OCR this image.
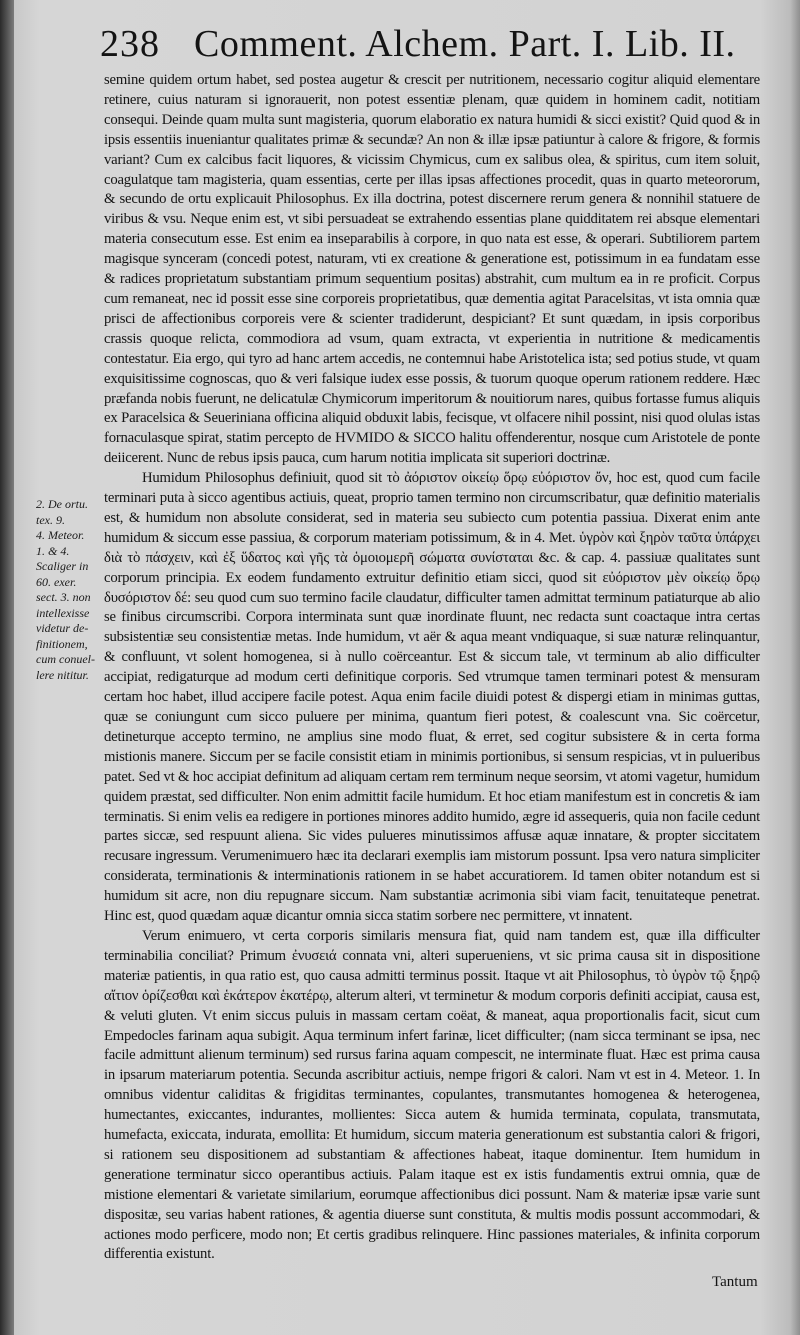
238 Comment. Alchem. Part. I. Lib. II.
2. De ortu.
tex. 9.
4. Meteor.
1. & 4.
Scaliger in
60. exer.
sect. 3. non
intellexisse
videtur de-
finitionem,
cum conuel-
lere nititur.

semine quidem ortum habet, sed postea augetur & crescit per nutritionem, necessario cogitur aliquid elementare retinere, cuius naturam si ignorauerit, non potest essentiæ plenam, quæ quidem in hominem cadit, notitiam consequi. Deinde quam multa sunt magisteria, quorum elaboratio ex natura humidi & sicci existit? Quid quod & in ipsis essentiis inueniantur qualitates primæ & secundæ? An non & illæ ipsæ patiuntur à calore & frigore, & formis variant? Cum ex calcibus facit liquores, & vicissim Chymicus, cum ex salibus olea, & spiritus, cum item soluit, coagulatque tam magisteria, quam essentias, certe per illas ipsas affectiones procedit, quas in quarto meteororum, & secundo de ortu explicauit Philosophus. Ex illa doctrina, potest discernere rerum genera & nonnihil statuere de viribus & vsu. Neque enim est, vt sibi persuadeat se extrahendo essentias plane quidditatem rei absque elementari materia consecutum esse. Est enim ea inseparabilis à corpore, in quo nata est esse, & operari. Subtiliorem partem magisque synceram (concedi potest, naturam, vti ex creatione & generatione est, potissimum in ea fundatam esse & radices proprietatum substantiam primum sequentium positas) abstrahit, cum multum ea in re proficit. Corpus cum remaneat, nec id possit esse sine corporeis proprietatibus, quæ dementia agitat Paracelsitas, vt ista omnia quæ prisci de affectionibus corporeis vere & scienter tradiderunt, despiciant? Et sunt quædam, in ipsis corporibus crassis quoque relicta, commodiora ad vsum, quam extracta, vt experientia in nutritione & medicamentis contestatur. Eia ergo, qui tyro ad hanc artem accedis, ne contemnui habe Aristotelica ista; sed potius stude, vt quam exquisitissime cognoscas, quo & veri falsique iudex esse possis, & tuorum quoque operum rationem reddere. Hæc præfanda nobis fuerunt, ne delicatulæ Chymicorum imperitorum & nouitiorum nares, quibus fortasse fumus aliquis ex Paracelsica & Seueriniana officina aliquid obduxit labis, fecisque, vt olfacere nihil possint, nisi quod olulas istas fornaculasque spirat, statim percepto de HVMIDO & SICCO halitu offenderentur, nosque cum Aristotele de ponte deiicerent. Nunc de rebus ipsis pauca, cum harum notitia implicata sit superiori doctrinæ.

Humidum Philosophus definiuit, quod sit τὸ ἀόριστον οἰκείῳ ὅρῳ εὐόριστον ὄν, hoc est, quod cum facile terminari puta à sicco agentibus actiuis, queat, proprio tamen termino non circumscribatur, quæ definitio materialis est, & humidum non absolute considerat, sed in materia seu subiecto cum potentia passiua. Dixerat enim ante humidum & siccum esse passiua, & corporum materiam potissimum, & in 4. Met. ὑγρὸν καὶ ξηρὸν ταῦτα ὑπάρχει διὰ τὸ πάσχειν, καὶ ἐξ ὕδατος καὶ γῆς τὰ ὁμοιομερῆ σώματα συνίσταται &c. & cap. 4. passiuæ qualitates sunt corporum principia. Ex eodem fundamento extruitur definitio etiam sicci, quod sit εὐόριστον μὲν οἰκείῳ ὅρῳ δυσόριστον δέ: seu quod cum suo termino facile claudatur, difficulter tamen admittat terminum patiaturque ab alio se finibus circumscribi. Corpora interminata sunt quæ inordinate fluunt, nec redacta sunt coactaque intra certas subsistentiæ seu consistentiæ metas. Inde humidum, vt aër & aqua meant vndiquaque, si suæ naturæ relinquantur, & confluunt, vt solent homogenea, si à nullo coërceantur. Est & siccum tale, vt terminum ab alio difficulter accipiat, redigaturque ad modum certi definitique corporis. Sed vtrumque tamen terminari potest & mensuram certam hoc habet, illud accipere facile potest. Aqua enim facile diuidi potest & dispergi etiam in minimas guttas, quæ se coniungunt cum sicco puluere per minima, quantum fieri potest, & coalescunt vna. Sic coërcetur, detineturque accepto termino, ne amplius sine modo fluat, & erret, sed cogitur subsistere & in certa forma mistionis manere. Siccum per se facile consistit etiam in minimis portionibus, si sensum respicias, vt in pulueribus patet. Sed vt & hoc accipiat definitum ad aliquam certam rem terminum neque seorsim, vt atomi vagetur, humidum quidem præstat, sed difficulter. Non enim admittit facile humidum. Et hoc etiam manifestum est in concretis & iam terminatis. Si enim velis ea redigere in portiones minores addito humido, ægre id assequeris, quia non facile cedunt partes siccæ, sed respuunt aliena. Sic vides pulueres minutissimos affusæ aquæ innatare, & propter siccitatem recusare ingressum. Verumenimuero hæc ita declarari exemplis iam mistorum possunt. Ipsa vero natura simpliciter considerata, terminationis & interminationis rationem in se habet accuratiorem. Id tamen obiter notandum est si humidum sit acre, non diu repugnare siccum. Nam substantiæ acrimonia sibi viam facit, tenuitateque penetrat. Hinc est, quod quædam aquæ dicantur omnia sicca statim sorbere nec permittere, vt innatent.

Verum enimuero, vt certa corporis similaris mensura fiat, quid nam tandem est, quæ illa difficulter terminabilia conciliat? Primum ἐνυσειά connata vni, alteri superueniens, vt sic prima causa sit in dispositione materiæ patientis, in qua ratio est, quo causa admitti terminus possit. Itaque vt ait Philosophus, τὸ ὑγρὸν τῷ ξηρῷ αἴτιον ὁρίζεσθαι καὶ ἑκάτερον ἑκατέρῳ, alterum alteri, vt terminetur & modum corporis definiti accipiat, causa est, & veluti gluten. Vt enim siccus puluis in massam certam coëat, & maneat, aqua proportionalis facit, sicut cum Empedocles farinam aqua subigit. Aqua terminum infert farinæ, licet difficulter; (nam sicca terminant se ipsa, nec facile admittunt alienum terminum) sed rursus farina aquam compescit, ne interminate fluat. Hæc est prima causa in ipsarum materiarum potentia. Secunda ascribitur actiuis, nempe frigori & calori. Nam vt est in 4. Meteor. 1. In omnibus videntur caliditas & frigiditas terminantes, copulantes, transmutantes homogenea & heterogenea, humectantes, exiccantes, indurantes, mollientes: Sicca autem & humida terminata, copulata, transmutata, humefacta, exiccata, indurata, emollita: Et humidum, siccum materia generationum est substantia calori & frigori, si rationem seu dispositionem ad substantiam & affectiones habeat, itaque dominentur. Item humidum in generatione terminatur sicco operantibus actiuis. Palam itaque est ex istis fundamentis extrui omnia, quæ de mistione elementari & varietate similarium, eorumque affectionibus dici possunt. Nam & materiæ ipsæ varie sunt dispositæ, seu varias habent rationes, & agentia diuerse sunt constituta, & multis modis possunt accommodari, & actiones modo perficere, modo non; Et certis gradibus relinquere. Hinc passiones materiales, & infinita corporum differentia existunt.

Tantum
